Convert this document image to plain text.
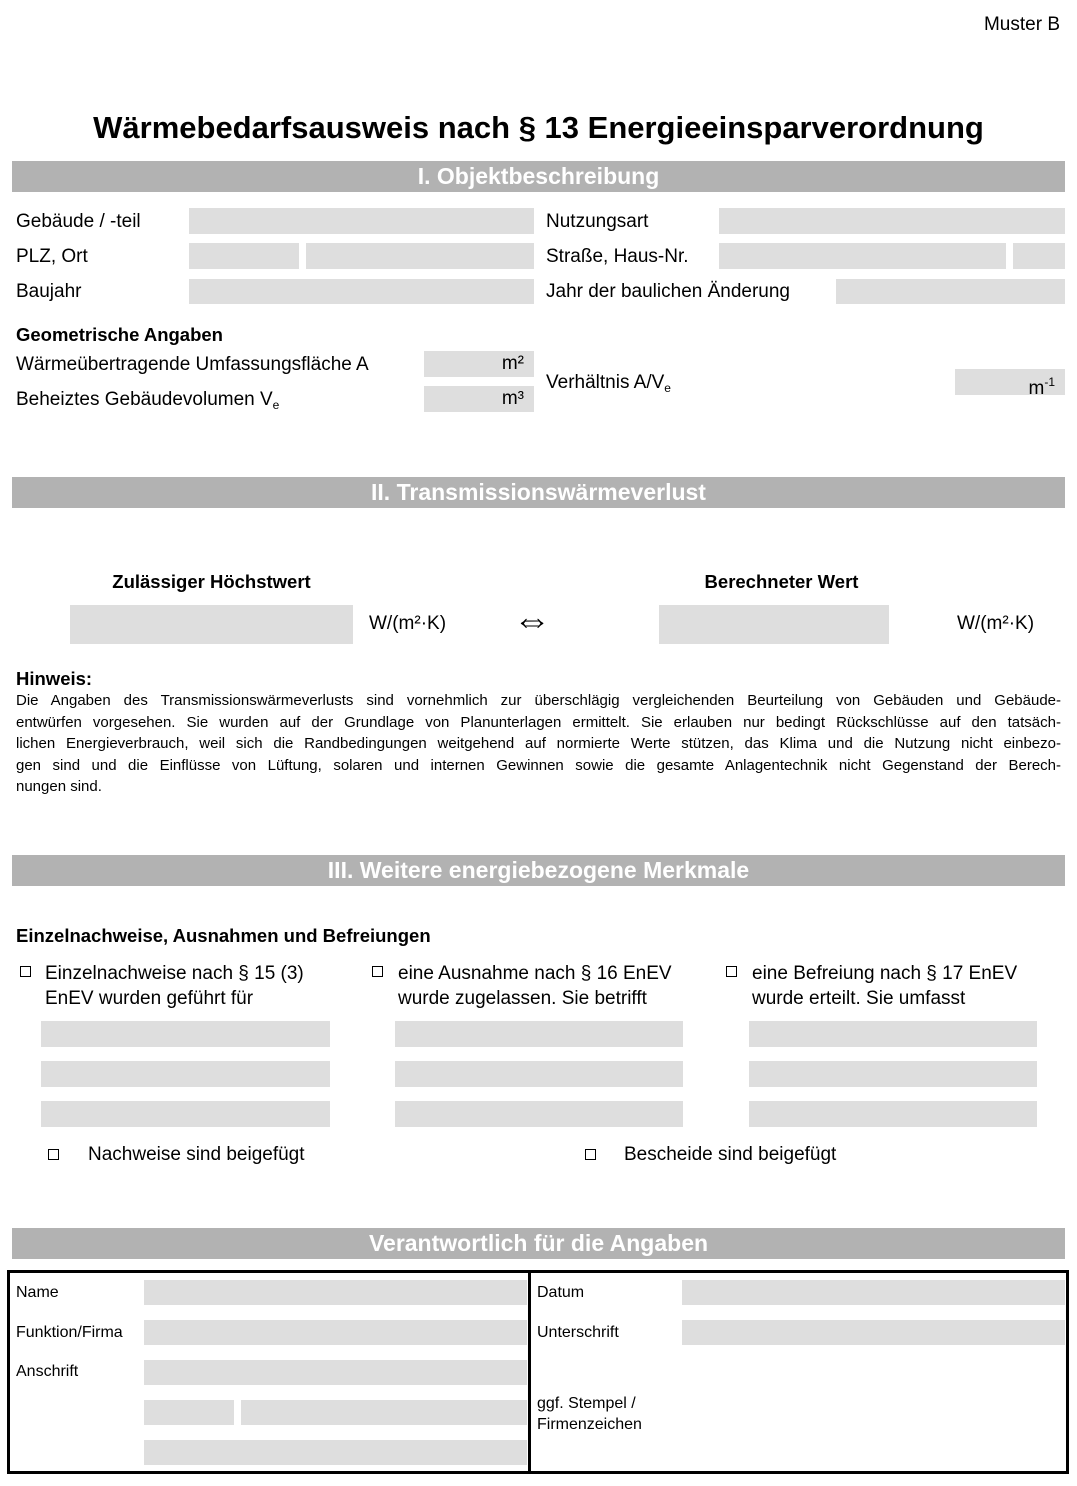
Muster B
Wärmebedarfsausweis nach § 13 Energieeinsparverordnung
I. Objektbeschreibung
Gebäude / -teil	Nutzungsart
PLZ, Ort	Straße, Haus-Nr.
Baujahr	Jahr der baulichen Änderung
Geometrische Angaben
Wärmeübertragende Umfassungsfläche A	m²
Beheiztes Gebäudevolumen $V_e$	m³
Verhältnis $A/V_e$	$m^{-1}$
II. Transmissionswärmeverlust
Zulässiger Höchstwert
W/(m²·K) ⇔
Berechneter Wert
W/(m²·K)
Hinweis:
Die Angaben des Transmissionswärmeverlusts sind vornehmlich zur überschlägig vergleichenden Beurteilung von Gebäuden und Gebäude-
entwürfen vorgesehen. Sie wurden auf der Grundlage von Planunterlagen ermittelt. Sie erlauben nur bedingt Rückschlüsse auf den tatsäch-
lichen Energieverbrauch, weil sich die Randbedingungen weitgehend auf normierte Werte stützen, das Klima und die Nutzung nicht einbezo-
gen sind und die Einflüsse von Lüftung, solaren und internen Gewinnen sowie die gesamte Anlagentechnik nicht Gegenstand der Berech-
nungen sind.
III. Weitere energiebezogene Merkmale
Einzelnachweise, Ausnahmen und Befreiungen
Einzelnachweise nach § 15 (3)
EnEV wurden geführt für
eine Ausnahme nach § 16 EnEV
wurde zugelassen. Sie betrifft
eine Befreiung nach § 17 EnEV
wurde erteilt. Sie umfasst
Nachweise sind beigefügt	Bescheide sind beigefügt
Verantwortlich für die Angaben
Name
Funktion/Firma
Anschrift
Datum
Unterschrift
ggf. Stempel /
Firmenzeichen
